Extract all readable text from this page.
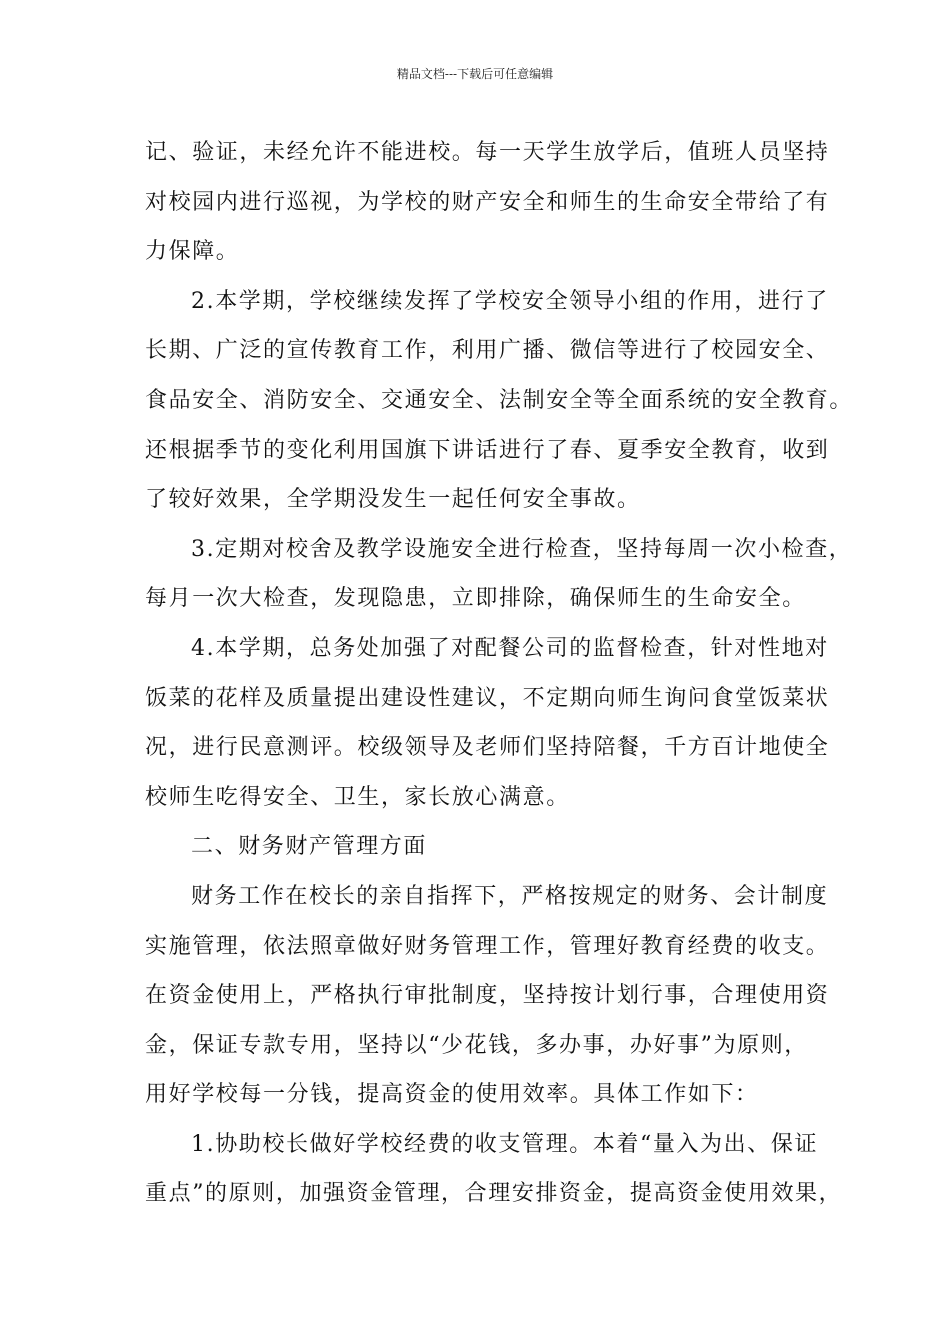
精品文档---下载后可任意编辑

记、验证，未经允许不能进校。每一天学生放学后，值班人员坚持

对校园内进行巡视，为学校的财产安全和师生的生命安全带给了有

力保障。

2.本学期，学校继续发挥了学校安全领导小组的作用，进行了

长期、广泛的宣传教育工作，利用广播、微信等进行了校园安全、

食品安全、消防安全、交通安全、法制安全等全面系统的安全教育。

还根据季节的变化利用国旗下讲话进行了春、夏季安全教育，收到

了较好效果，全学期没发生一起任何安全事故。

3.定期对校舍及教学设施安全进行检查，坚持每周一次小检查，

每月一次大检查，发现隐患，立即排除，确保师生的生命安全。

4.本学期，总务处加强了对配餐公司的监督检查，针对性地对

饭菜的花样及质量提出建设性建议，不定期向师生询问食堂饭菜状

况，进行民意测评。校级领导及老师们坚持陪餐，千方百计地使全

校师生吃得安全、卫生，家长放心满意。

二、财务财产管理方面

财务工作在校长的亲自指挥下，严格按规定的财务、会计制度

实施管理，依法照章做好财务管理工作，管理好教育经费的收支。

在资金使用上，严格执行审批制度，坚持按计划行事，合理使用资

金，保证专款专用，坚持以“少花钱，多办事，办好事”为原则，

用好学校每一分钱，提高资金的使用效率。具体工作如下：

1.协助校长做好学校经费的收支管理。本着“量入为出、保证

重点”的原则，加强资金管理，合理安排资金，提高资金使用效果，
